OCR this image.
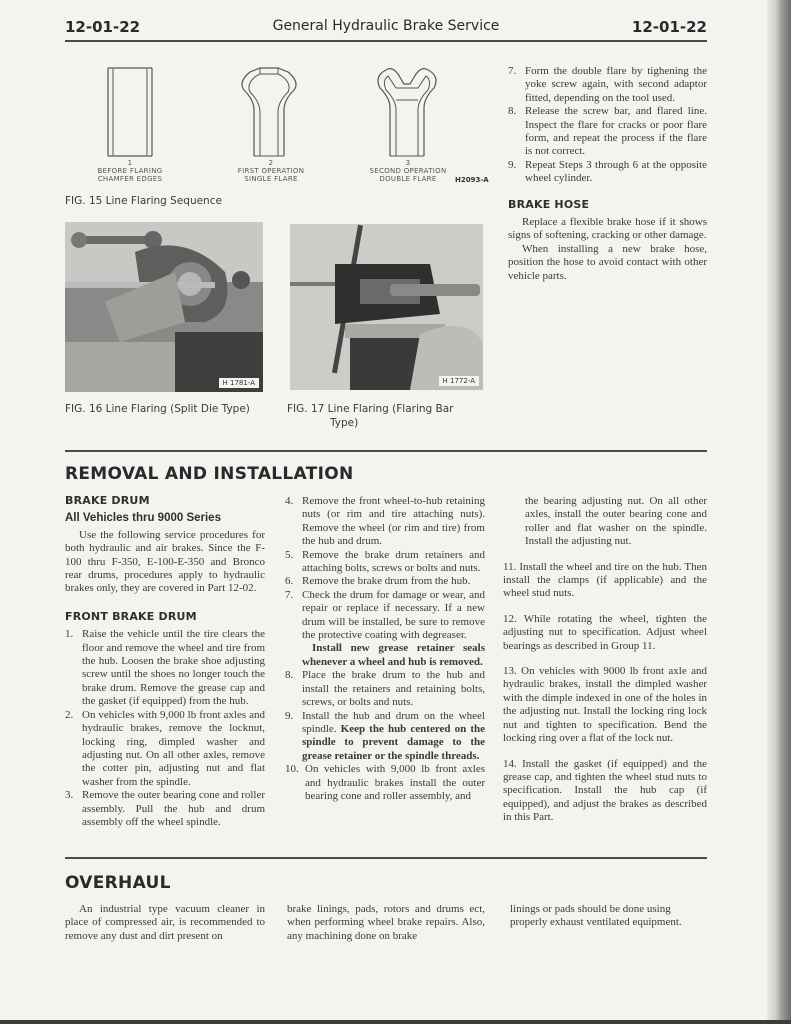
12-01-22	General Hydraulic Brake Service	12-01-22
1
BEFORE FLARING
CHAMFER EDGES
2
FIRST OPERATION
SINGLE FLARE
3
SECOND OPERATION
DOUBLE FLARE	H2093-A
FIG. 15 Line Flaring Sequence
H 1781-A
FIG. 16 Line Flaring (Split Die Type)
H 1772-A
FIG. 17 Line Flaring (Flaring Bar
Type)
7. Form the double flare by tighening the yoke screw again, with second adaptor fitted, depending on the tool used.
8. Release the screw bar, and flared line. Inspect the flare for cracks or poor flare form, and repeat the process if the flare is not correct.
9. Repeat Steps 3 through 6 at the opposite wheel cylinder.
BRAKE HOSE

Replace a flexible brake hose if it shows signs of softening, cracking or other damage.

When installing a new brake hose, position the hose to avoid contact with other vehicle parts.

REMOVAL AND INSTALLATION
BRAKE DRUM
All Vehicles thru 9000 Series

Use the following service procedures for both hydraulic and air brakes. Since the F-100 thru F-350, E-100-E-350 and Bronco rear drums, procedures apply to hydraulic brakes only, they are covered in Part 12-02.

FRONT BRAKE DRUM
1. Raise the vehicle until the tire clears the floor and remove the wheel and tire from the hub. Loosen the brake shoe adjusting screw until the shoes no longer touch the brake drum. Remove the grease cap and the gasket (if equipped) from the hub.
2. On vehicles with 9,000 lb front axles and hydraulic brakes, remove the locknut, locking ring, dimpled washer and adjusting nut. On all other axles, remove the cotter pin, adjusting nut and flat washer from the spindle.
3. Remove the outer bearing cone and roller assembly. Pull the hub and drum assembly off the wheel spindle.
4. Remove the front wheel-to-hub retaining nuts (or rim and tire attaching nuts). Remove the wheel (or rim and tire) from the hub and drum.
5. Remove the brake drum retainers and attaching bolts, screws or bolts and nuts.
6. Remove the brake drum from the hub.
7. Check the drum for damage or wear, and repair or replace if necessary. If a new drum will be installed, be sure to remove the protective coating with degreaser.
Install new grease retainer seals whenever a wheel and hub is removed.
8. Place the brake drum to the hub and install the retainers and retaining bolts, screws, or bolts and nuts.
9. Install the hub and drum on the wheel spindle. Keep the hub centered on the spindle to prevent damage to the grease retainer or the spindle threads.
10. On vehicles with 9,000 lb front axles and hydraulic brakes install the outer bearing cone and roller assembly, and
the bearing adjusting nut. On all other axles, install the outer bearing cone and roller and flat washer on the spindle. Install the adjusting nut.
11. Install the wheel and tire on the hub. Then install the clamps (if applicable) and the wheel stud nuts.
12. While rotating the wheel, tighten the adjusting nut to specification. Adjust wheel bearings as described in Group 11.
13. On vehicles with 9000 lb front axle and hydraulic brakes, install the dimpled washer with the dimple indexed in one of the holes in the adjusting nut. Install the locking ring lock nut and tighten to specification. Bend the locking ring over a flat of the lock nut.
14. Install the gasket (if equipped) and the grease cap, and tighten the wheel stud nuts to specification. Install the hub cap (if equipped), and adjust the brakes as described in this Part.
OVERHAUL

An industrial type vacuum cleaner in place of compressed air, is recommended to remove any dust and dirt present on

brake linings, pads, rotors and drums ect, when performing wheel brake repairs. Also, any machining done on brake

linings or pads should be done using properly exhaust ventilated equipment.
